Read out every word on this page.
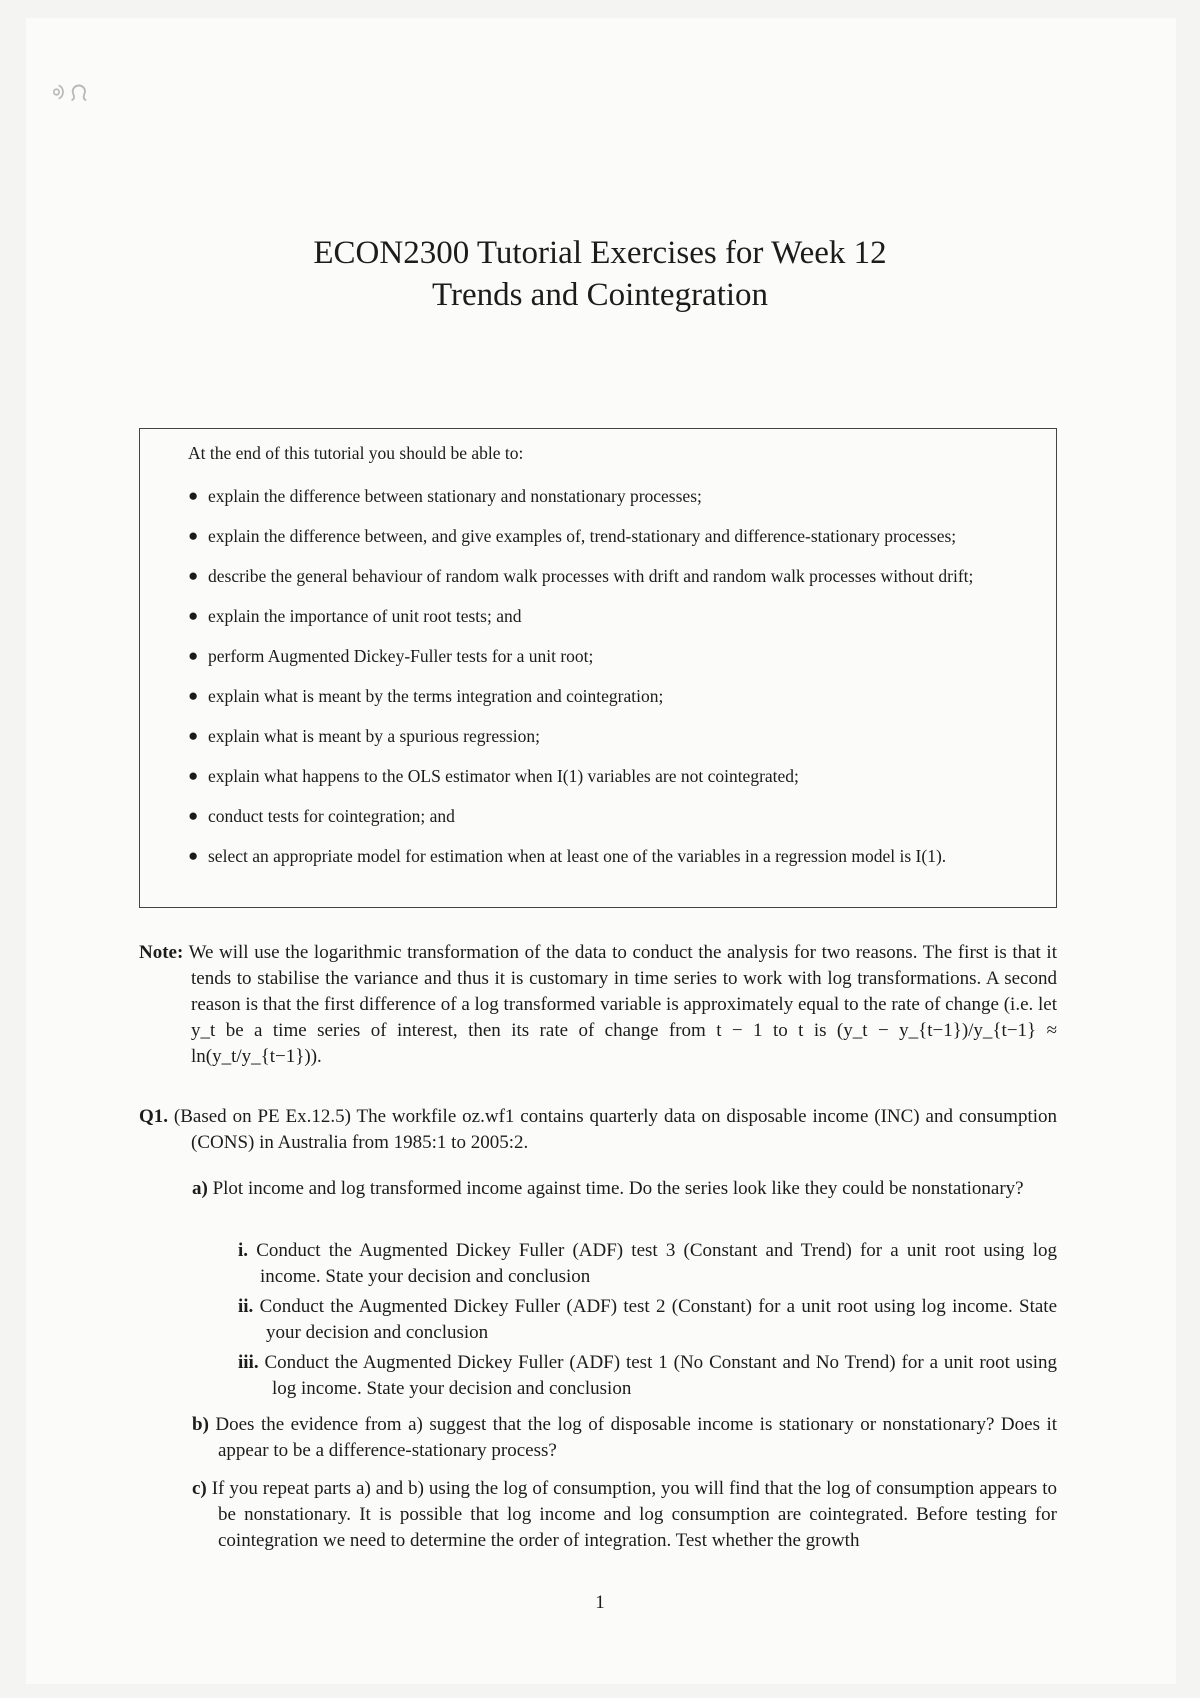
ᢀ ᙁ
ECON2300 Tutorial Exercises for Week 12
Trends and Cointegration
At the end of this tutorial you should be able to:
● explain the difference between stationary and nonstationary processes;
● explain the difference between, and give examples of, trend-stationary and difference-stationary processes;
● describe the general behaviour of random walk processes with drift and random walk processes without drift;
● explain the importance of unit root tests; and
● perform Augmented Dickey-Fuller tests for a unit root;
● explain what is meant by the terms integration and cointegration;
● explain what is meant by a spurious regression;
● explain what happens to the OLS estimator when I(1) variables are not cointegrated;
● conduct tests for cointegration; and
● select an appropriate model for estimation when at least one of the variables in a regression model is I(1).
Note: We will use the logarithmic transformation of the data to conduct the analysis for two reasons. The first is that it tends to stabilise the variance and thus it is customary in time series to work with log transformations. A second reason is that the first difference of a log transformed variable is approximately equal to the rate of change (i.e. let y_t be a time series of interest, then its rate of change from t − 1 to t is (y_t − y_{t−1})/y_{t−1} ≈ ln(y_t/y_{t−1})).
Q1. (Based on PE Ex.12.5) The workfile oz.wf1 contains quarterly data on disposable income (INC) and consumption (CONS) in Australia from 1985:1 to 2005:2.
a) Plot income and log transformed income against time. Do the series look like they could be nonstationary?
i. Conduct the Augmented Dickey Fuller (ADF) test 3 (Constant and Trend) for a unit root using log income. State your decision and conclusion
ii. Conduct the Augmented Dickey Fuller (ADF) test 2 (Constant) for a unit root using log income. State your decision and conclusion
iii. Conduct the Augmented Dickey Fuller (ADF) test 1 (No Constant and No Trend) for a unit root using log income. State your decision and conclusion
b) Does the evidence from a) suggest that the log of disposable income is stationary or nonstationary? Does it appear to be a difference-stationary process?
c) If you repeat parts a) and b) using the log of consumption, you will find that the log of consumption appears to be nonstationary. It is possible that log income and log consumption are cointegrated. Before testing for cointegration we need to determine the order of integration. Test whether the growth
1
